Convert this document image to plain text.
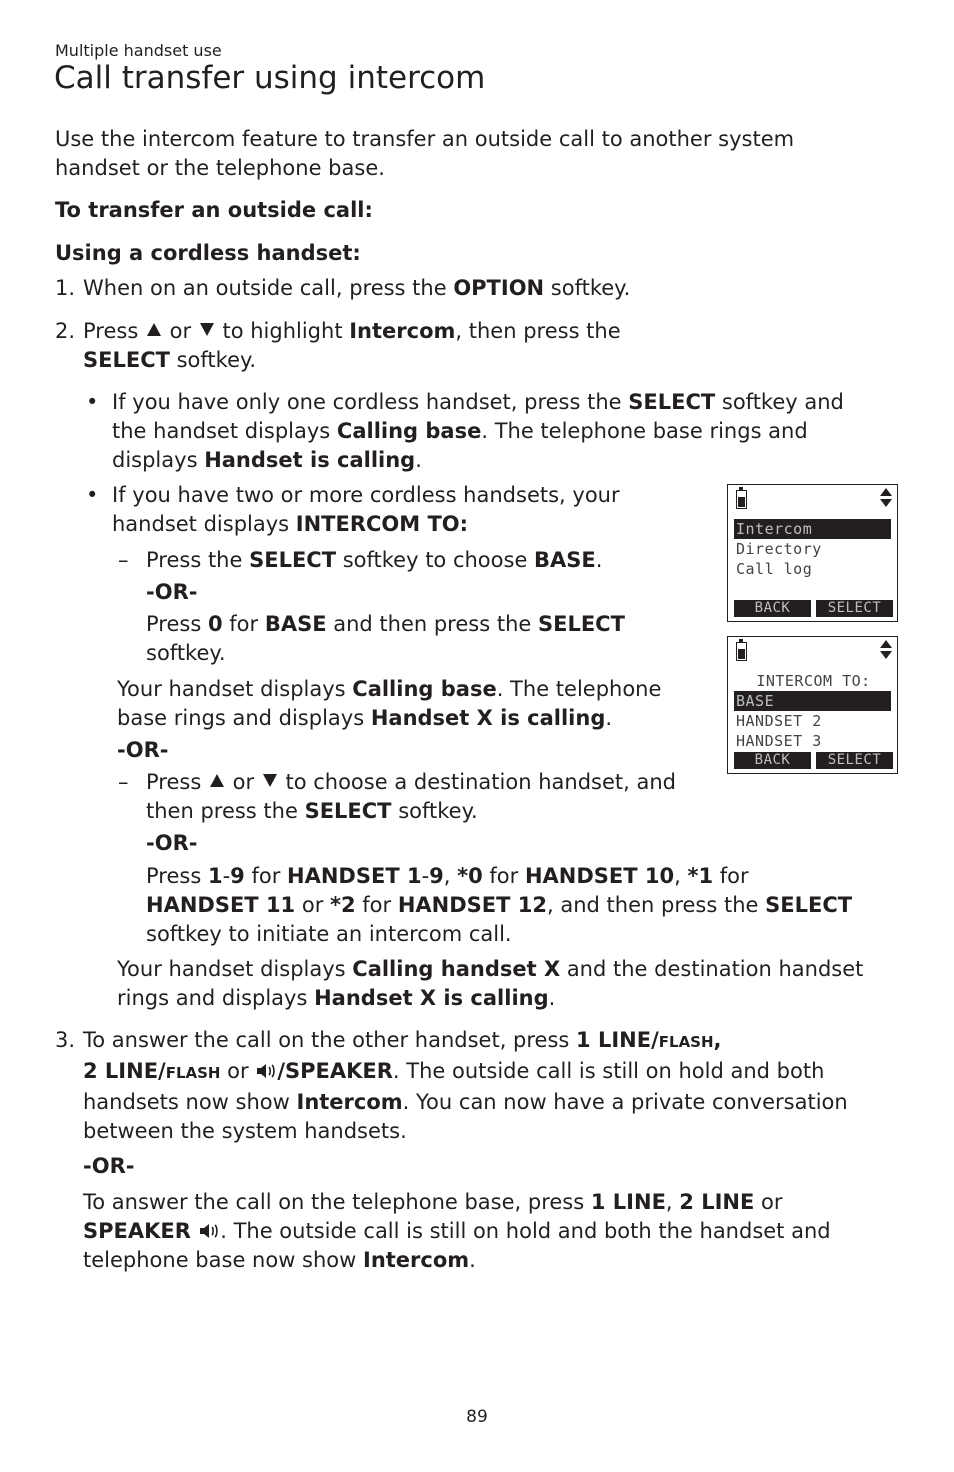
Multiple handset use
Call transfer using intercom
Use the intercom feature to transfer an outside call to another system
handset or the telephone base.
To transfer an outside call:
Using a cordless handset:
1. When on an outside call, press the OPTION softkey.
2. Press  or  to highlight Intercom, then press the
SELECT softkey.
• If you have only one cordless handset, press the SELECT softkey and
the handset displays Calling base. The telephone base rings and
displays Handset is calling.
• If you have two or more cordless handsets, your
handset displays INTERCOM TO:
– Press the SELECT softkey to choose BASE.
-OR-
Press 0 for BASE and then press the SELECT
softkey.
Your handset displays Calling base. The telephone
base rings and displays Handset X is calling.
-OR-
– Press  or  to choose a destination handset, and
then press the SELECT softkey.
-OR-
Press 1-9 for HANDSET 1-9, *0 for HANDSET 10, *1 for
HANDSET 11 or *2 for HANDSET 12, and then press the SELECT
softkey to initiate an intercom call.
Your handset displays Calling handset X and the destination handset
rings and displays Handset X is calling.
3. To answer the call on the other handset, press 1 LINE/FLASH,
2 LINE/FLASH or /SPEAKER. The outside call is still on hold and both
handsets now show Intercom. You can now have a private conversation
between the system handsets.
-OR-
To answer the call on the telephone base, press 1 LINE, 2 LINE or
SPEAKER . The outside call is still on hold and both the handset and
telephone base now show Intercom.
Intercom
Directory
Call log
BACK	SELECT
INTERCOM TO:
BASE
HANDSET 2
HANDSET 3
BACK	SELECT
89
